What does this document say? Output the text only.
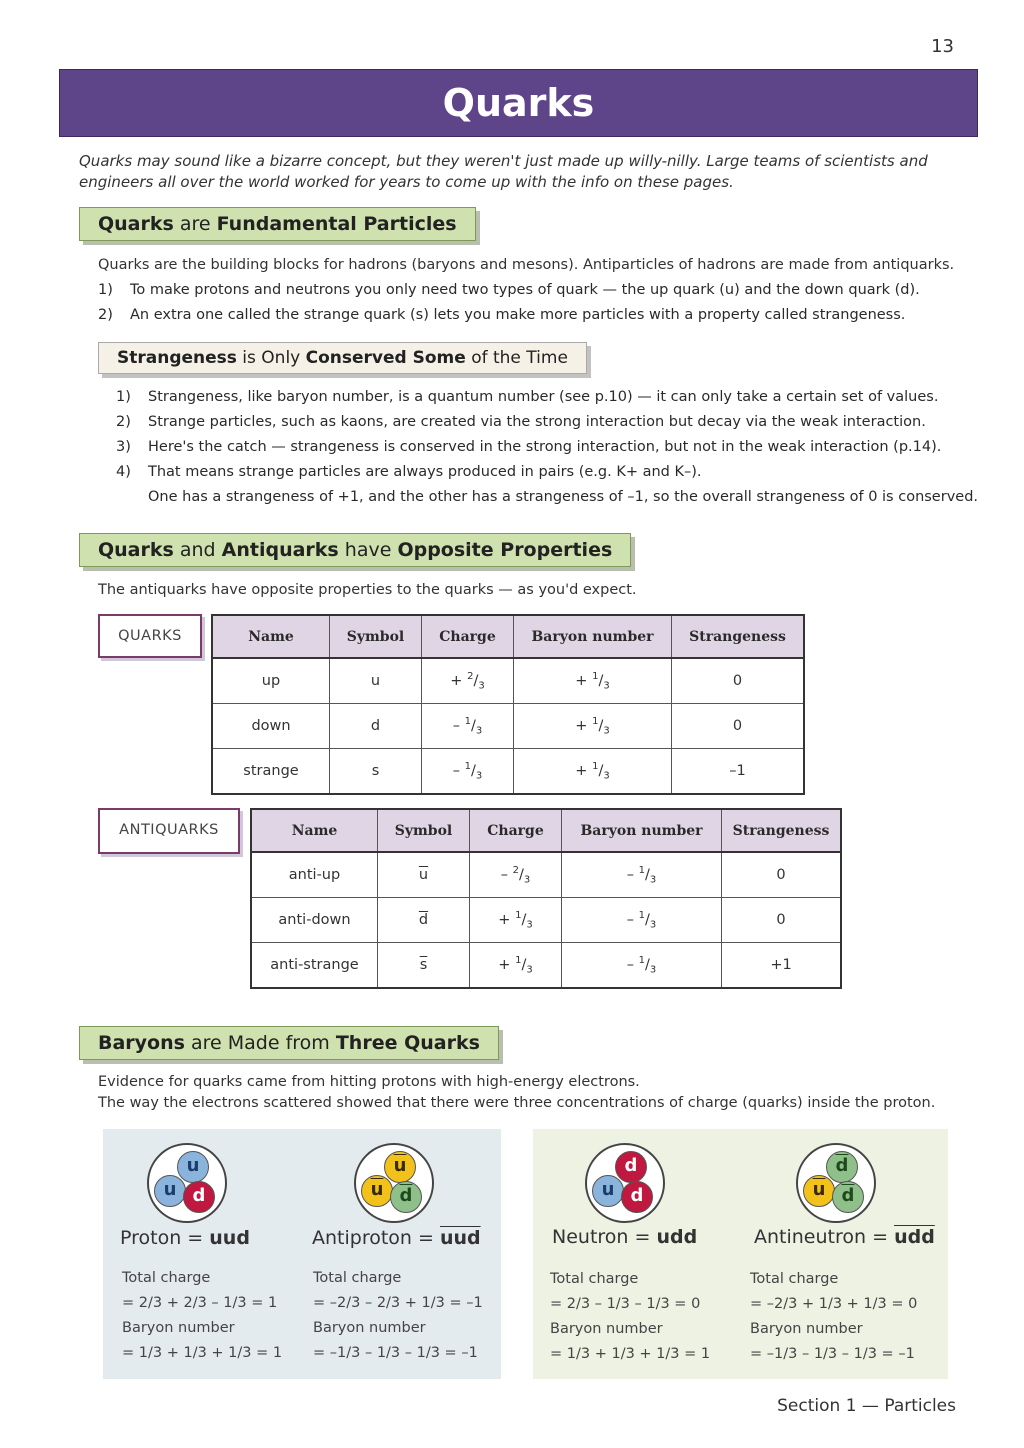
13
Quarks
Quarks may sound like a bizarre concept, but they weren't just made up willy-nilly. Large teams of scientists and engineers all over the world worked for years to come up with the info on these pages.
Quarks are Fundamental Particles
Quarks are the building blocks for hadrons (baryons and mesons). Antiparticles of hadrons are made from antiquarks.
1)	To make protons and neutrons you only need two types of quark — the up quark (u) and the down quark (d).
2)	An extra one called the strange quark (s) lets you make more particles with a property called strangeness.
Strangeness is Only Conserved Some of the Time
1)	Strangeness, like baryon number, is a quantum number (see p.10) — it can only take a certain set of values.
2)	Strange particles, such as kaons, are created via the strong interaction but decay via the weak interaction.
3)	Here's the catch — strangeness is conserved in the strong interaction, but not in the weak interaction (p.14).
4)	That means strange particles are always produced in pairs (e.g. K+ and K–).
One has a strangeness of +1, and the other has a strangeness of –1, so the overall strangeness of 0 is conserved.
Quarks and Antiquarks have Opposite Properties
The antiquarks have opposite properties to the quarks — as you'd expect.
QUARKS	Name	Symbol	Charge	Baryon number	Strangeness
up	u	+ $^2/_3$	+ $^1/_3$	0
down	d	– $^1/_3$	+ $^1/_3$	0
strange	s	– $^1/_3$	+ $^1/_3$	–1
ANTIQUARKS	Name	Symbol	Charge	Baryon number	Strangeness
anti-up	$\overline{u}$	– $^2/_3$	– $^1/_3$	0
anti-down	$\overline{d}$	+ $^1/_3$	– $^1/_3$	0
anti-strange	$\overline{s}$	+ $^1/_3$	– $^1/_3$	+1
Baryons are Made from Three Quarks
Evidence for quarks came from hitting protons with high-energy electrons.
The way the electrons scattered showed that there were three concentrations of charge (quarks) inside the proton.
u
u d
Proton = uud
Total charge
= 2/3 + 2/3 – 1/3 = 1
Baryon number
= 1/3 + 1/3 + 1/3 = 1
$\overline{u}$
$\overline{u}$ $\overline{d}$
Antiproton = $\overline{uud}$
Total charge
= –2/3 – 2/3 + 1/3 = –1
Baryon number
= –1/3 – 1/3 – 1/3 = –1
d
u d
Neutron = udd
Total charge
= 2/3 – 1/3 – 1/3 = 0
Baryon number
= 1/3 + 1/3 + 1/3 = 1
$\overline{d}$
$\overline{u}$ $\overline{d}$
Antineutron = $\overline{udd}$
Total charge
= –2/3 + 1/3 + 1/3 = 0
Baryon number
= –1/3 – 1/3 – 1/3 = –1
Section 1 — Particles
